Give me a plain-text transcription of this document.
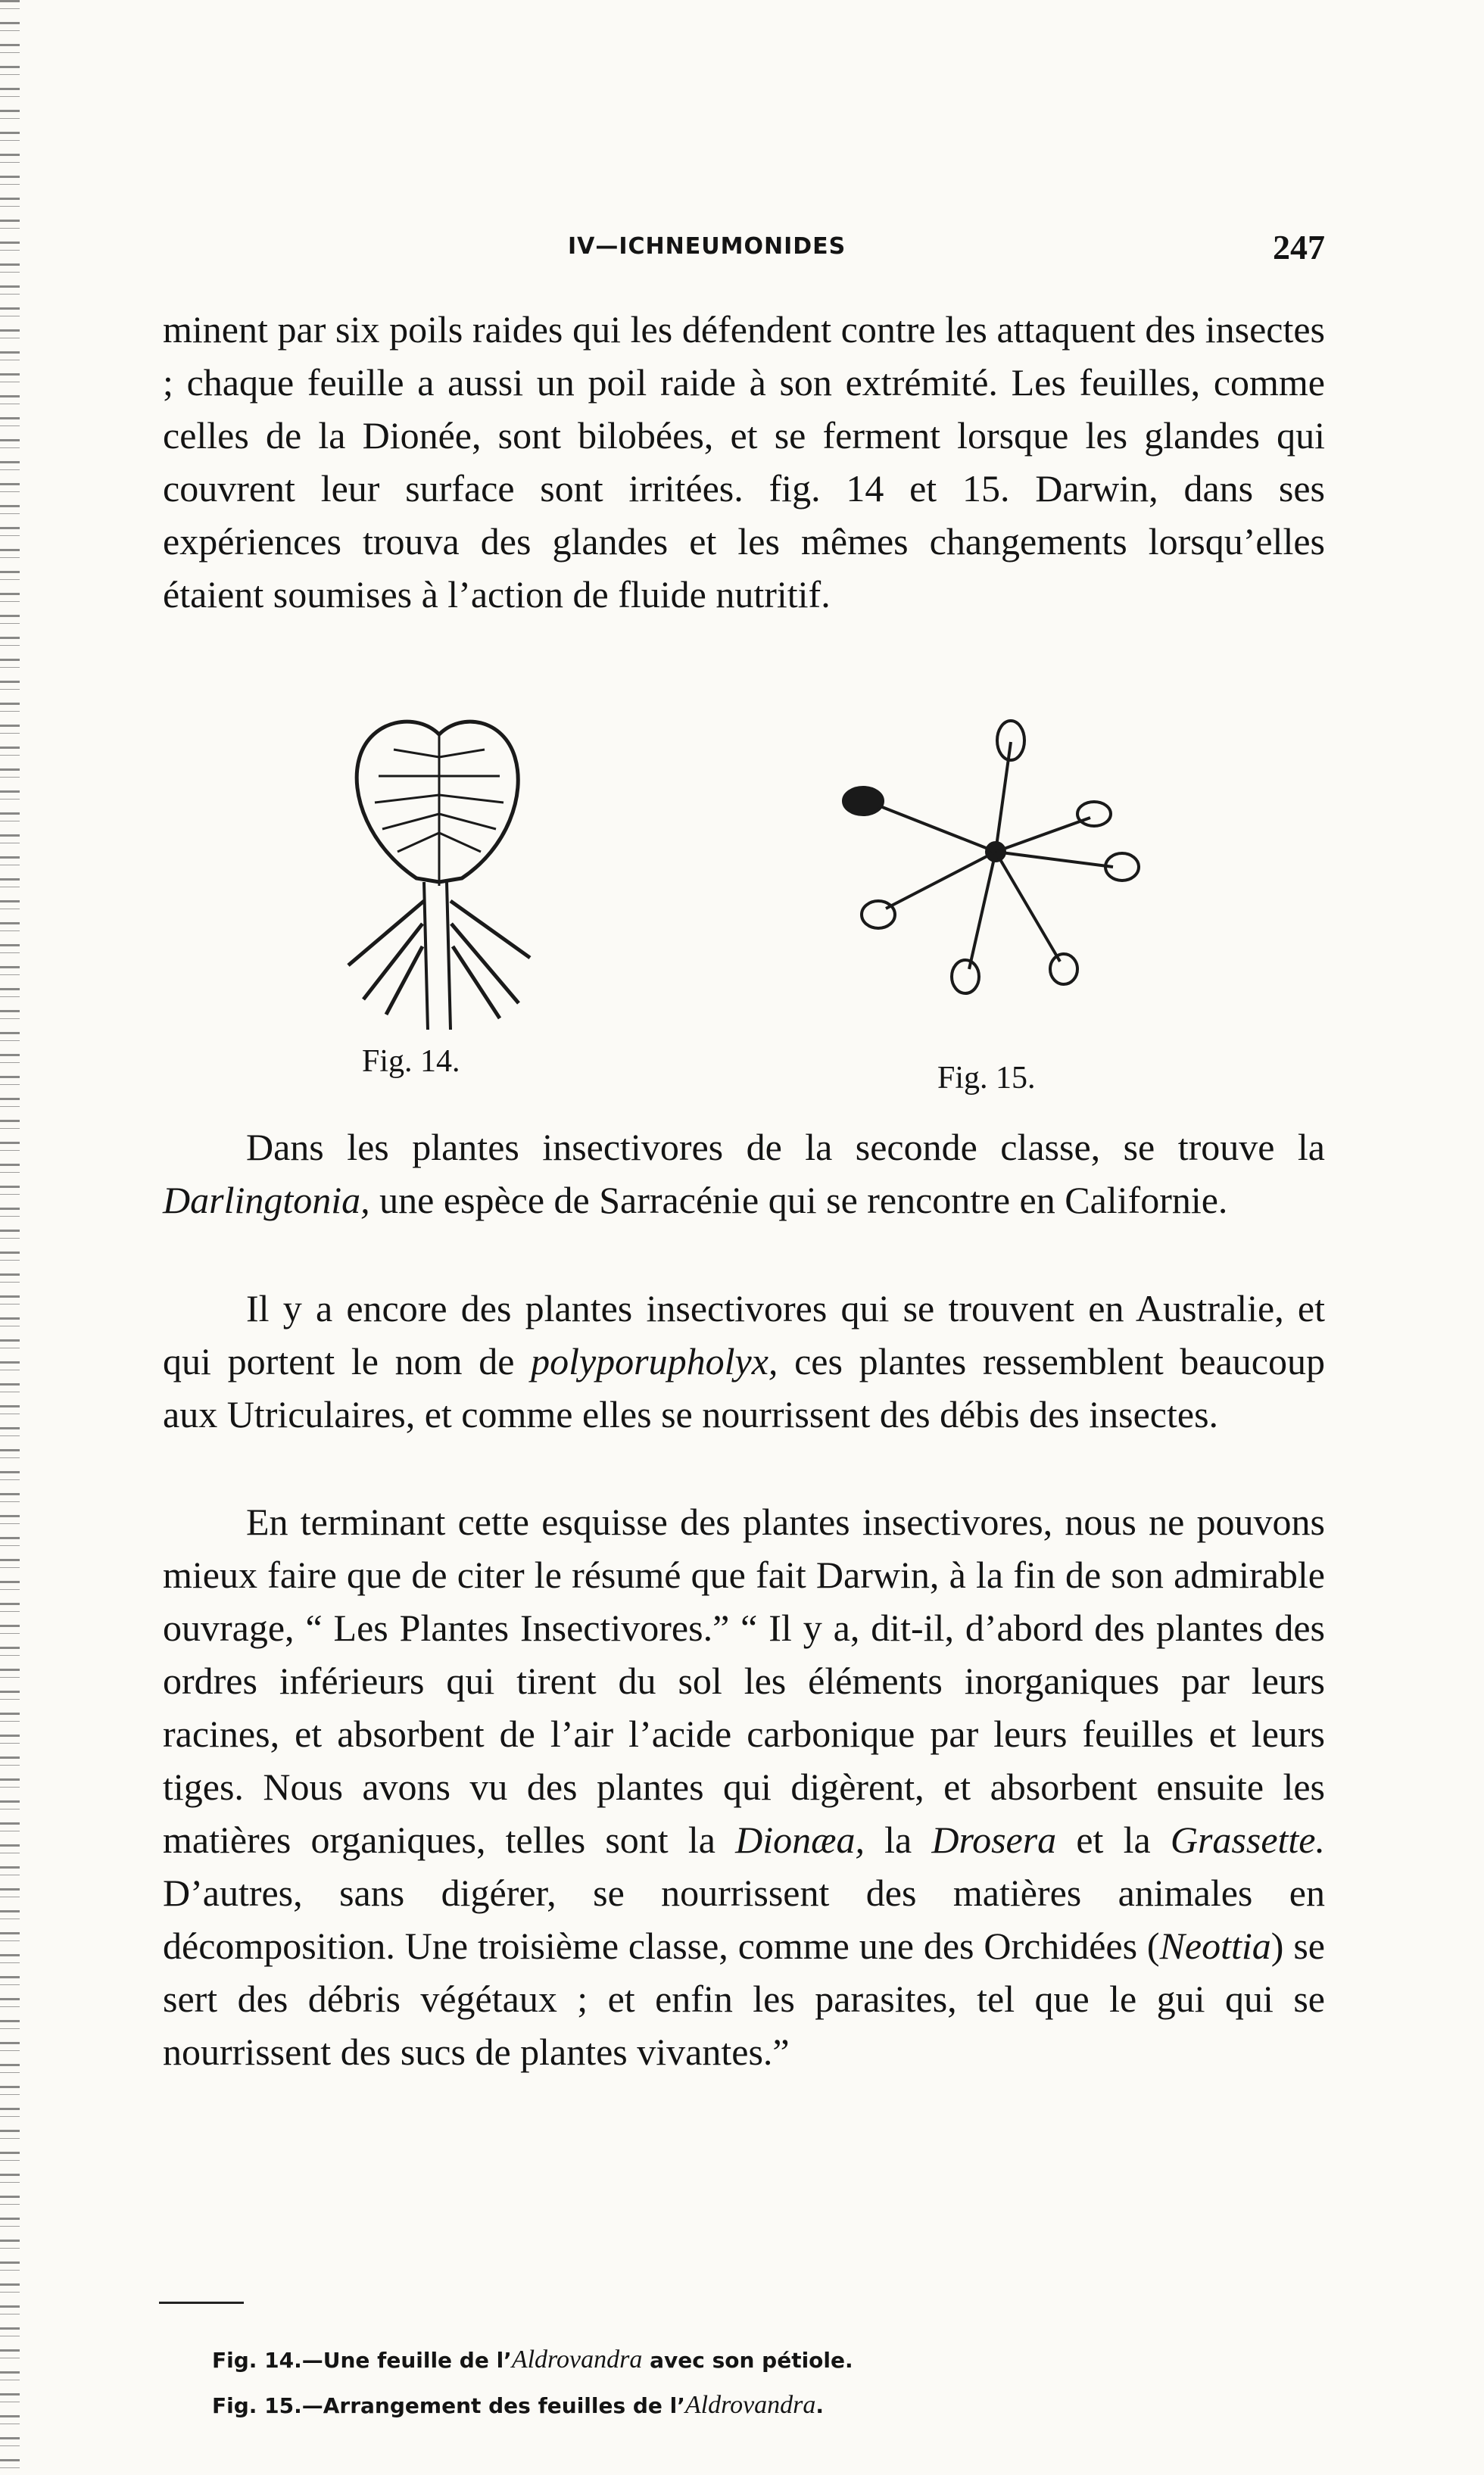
IV—ICHNEUMONIDES	247

minent par six poils raides qui les défendent contre les attaquent des insectes ; chaque feuille a aussi un poil raide à son extrémité. Les feuilles, comme celles de la Dionée, sont bilobées, et se ferment lorsque les glandes qui couvrent leur surface sont irritées. fig. 14 et 15. Darwin, dans ses expériences trouva des glandes et les mêmes changements lorsqu’elles étaient soumises à l’action de fluide nutritif.

Fig. 14.	Fig. 15.

Dans les plantes insectivores de la seconde classe, se trouve la Darlingtonia, une espèce de Sarracénie qui se rencontre en Californie.

Il y a encore des plantes insectivores qui se trouvent en Australie, et qui portent le nom de polyporupholyx, ces plantes ressemblent beaucoup aux Utriculaires, et comme elles se nourrissent des débis des insectes.

En terminant cette esquisse des plantes insectivores, nous ne pouvons mieux faire que de citer le résumé que fait Darwin, à la fin de son admirable ouvrage, “ Les Plantes Insectivores.” “ Il y a, dit-il, d’abord des plantes des ordres inférieurs qui tirent du sol les éléments inorganiques par leurs racines, et absorbent de l’air l’acide carbonique par leurs feuilles et leurs tiges. Nous avons vu des plantes qui digèrent, et absorbent ensuite les matières organiques, telles sont la Dionæa, la Drosera et la Grassette. D’autres, sans digérer, se nourrissent des matières animales en décomposition. Une troisième classe, comme une des Orchidées (Neottia) se sert des débris végétaux ; et enfin les parasites, tel que le gui qui se nourrissent des sucs de plantes vivantes.”

Fig. 14.—Une feuille de l’Aldrovandra avec son pétiole.
Fig. 15.—Arrangement des feuilles de l’Aldrovandra.
